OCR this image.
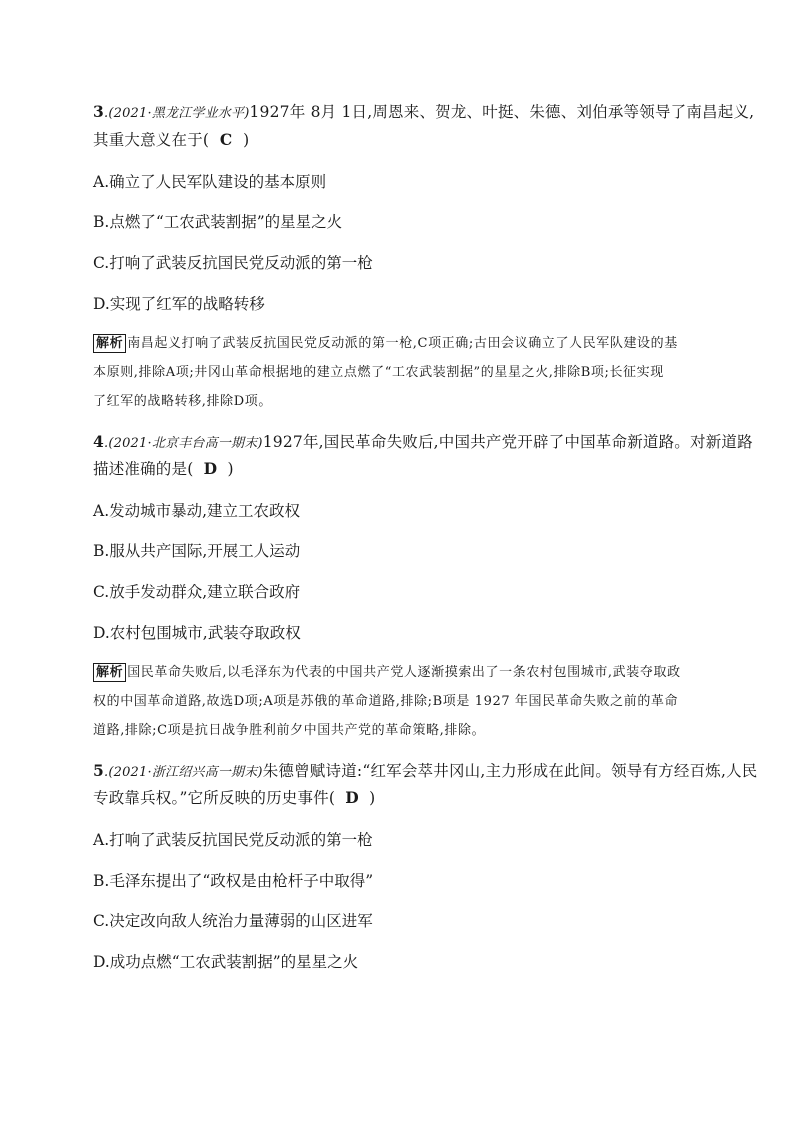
3.(2021·黑龙江学业水平)1927年 8月 1日,周恩来、贺龙、叶挺、朱德、刘伯承等领导了南昌起义,
其重大意义在于( C )
A.确立了人民军队建设的基本原则
B.点燃了“工农武装割据”的星星之火
C.打响了武装反抗国民党反动派的第一枪
D.实现了红军的战略转移
解析 南昌起义打响了武装反抗国民党反动派的第一枪,C项正确;古田会议确立了人民军队建设的基
本原则,排除A项;井冈山革命根据地的建立点燃了“工农武装割据”的星星之火,排除B项;长征实现
了红军的战略转移,排除D项。
4.(2021·北京丰台高一期末)1927年,国民革命失败后,中国共产党开辟了中国革命新道路。对新道路
描述准确的是( D )
A.发动城市暴动,建立工农政权
B.服从共产国际,开展工人运动
C.放手发动群众,建立联合政府
D.农村包围城市,武装夺取政权
解析 国民革命失败后,以毛泽东为代表的中国共产党人逐渐摸索出了一条农村包围城市,武装夺取政
权的中国革命道路,故选D项;A项是苏俄的革命道路,排除;B项是 1927 年国民革命失败之前的革命
道路,排除;C项是抗日战争胜利前夕中国共产党的革命策略,排除。
5.(2021·浙江绍兴高一期末)朱德曾赋诗道:“红军会萃井冈山,主力形成在此间。领导有方经百炼,人民
专政靠兵权。”它所反映的历史事件( D )
A.打响了武装反抗国民党反动派的第一枪
B.毛泽东提出了“政权是由枪杆子中取得”
C.决定改向敌人统治力量薄弱的山区进军
D.成功点燃“工农武装割据”的星星之火
